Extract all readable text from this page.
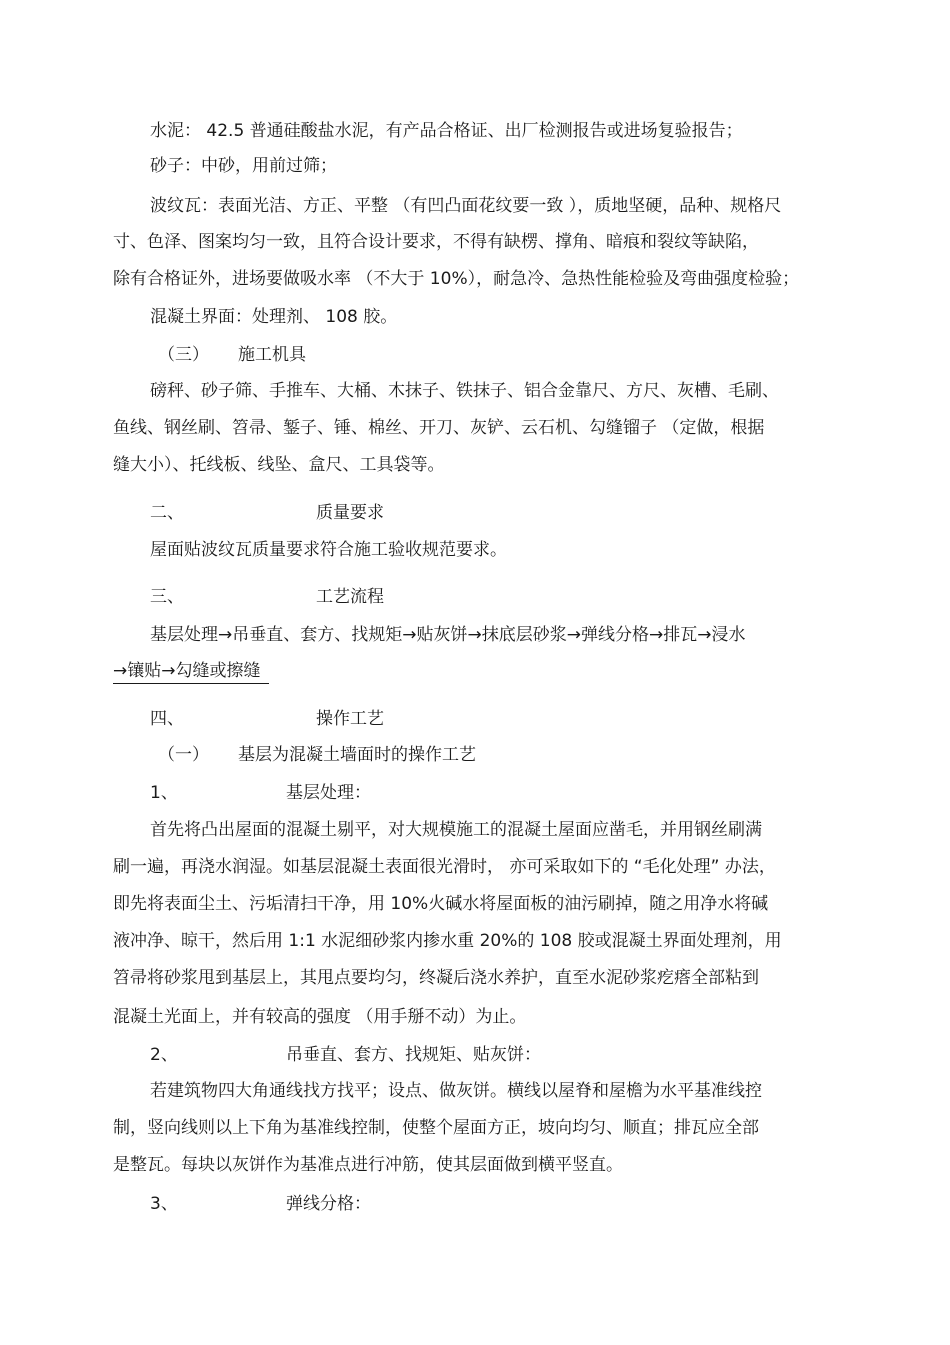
水泥： 42.5 普通硅酸盐水泥，有产品合格证、出厂检测报告或进场复验报告；
砂子：中砂，用前过筛；
波纹瓦：表面光洁、方正、平整 （有凹凸面花纹要一致 ），质地坚硬，品种、规格尺
寸、色泽、图案均匀一致，且符合设计要求，不得有缺楞、撑角、暗痕和裂纹等缺陷，
除有合格证外，进场要做吸水率 （不大于 10%），耐急冷、急热性能检验及弯曲强度检验；
混凝土界面：处理剂、 108 胶。
（三） 施工机具
磅秤、砂子筛、手推车、大桶、木抹子、铁抹子、铝合金靠尺、方尺、灰槽、毛刷、
鱼线、钢丝刷、笤帚、錾子、锤、棉丝、开刀、灰铲、云石机、勾缝镏子 （定做，根据
缝大小）、托线板、线坠、盒尺、工具袋等。
二、	质量要求
屋面贴波纹瓦质量要求符合施工验收规范要求。
三、	工艺流程
基层处理→吊垂直、套方、找规矩→贴灰饼→抹底层砂浆→弹线分格→排瓦→浸水
→镶贴→勾缝或擦缝
四、	操作工艺
（一） 基层为混凝土墙面时的操作工艺
1、	基层处理：
首先将凸出屋面的混凝土剔平，对大规模施工的混凝土屋面应凿毛，并用钢丝刷满
刷一遍，再浇水润湿。如基层混凝土表面很光滑时， 亦可采取如下的 “毛化处理” 办法，
即先将表面尘土、污垢清扫干净，用 10%火碱水将屋面板的油污刷掉，随之用净水将碱
液冲净、晾干，然后用 1:1 水泥细砂浆内掺水重 20%的 108 胶或混凝土界面处理剂，用
笤帚将砂浆甩到基层上，其甩点要均匀，终凝后浇水养护，直至水泥砂浆疙瘩全部粘到
混凝土光面上，并有较高的强度 （用手掰不动）为止。
2、	吊垂直、套方、找规矩、贴灰饼：
若建筑物四大角通线找方找平；设点、做灰饼。横线以屋脊和屋檐为水平基准线控
制，竖向线则以上下角为基准线控制，使整个屋面方正，坡向均匀、顺直；排瓦应全部
是整瓦。每块以灰饼作为基准点进行冲筋，使其层面做到横平竖直。
3、	弹线分格：
